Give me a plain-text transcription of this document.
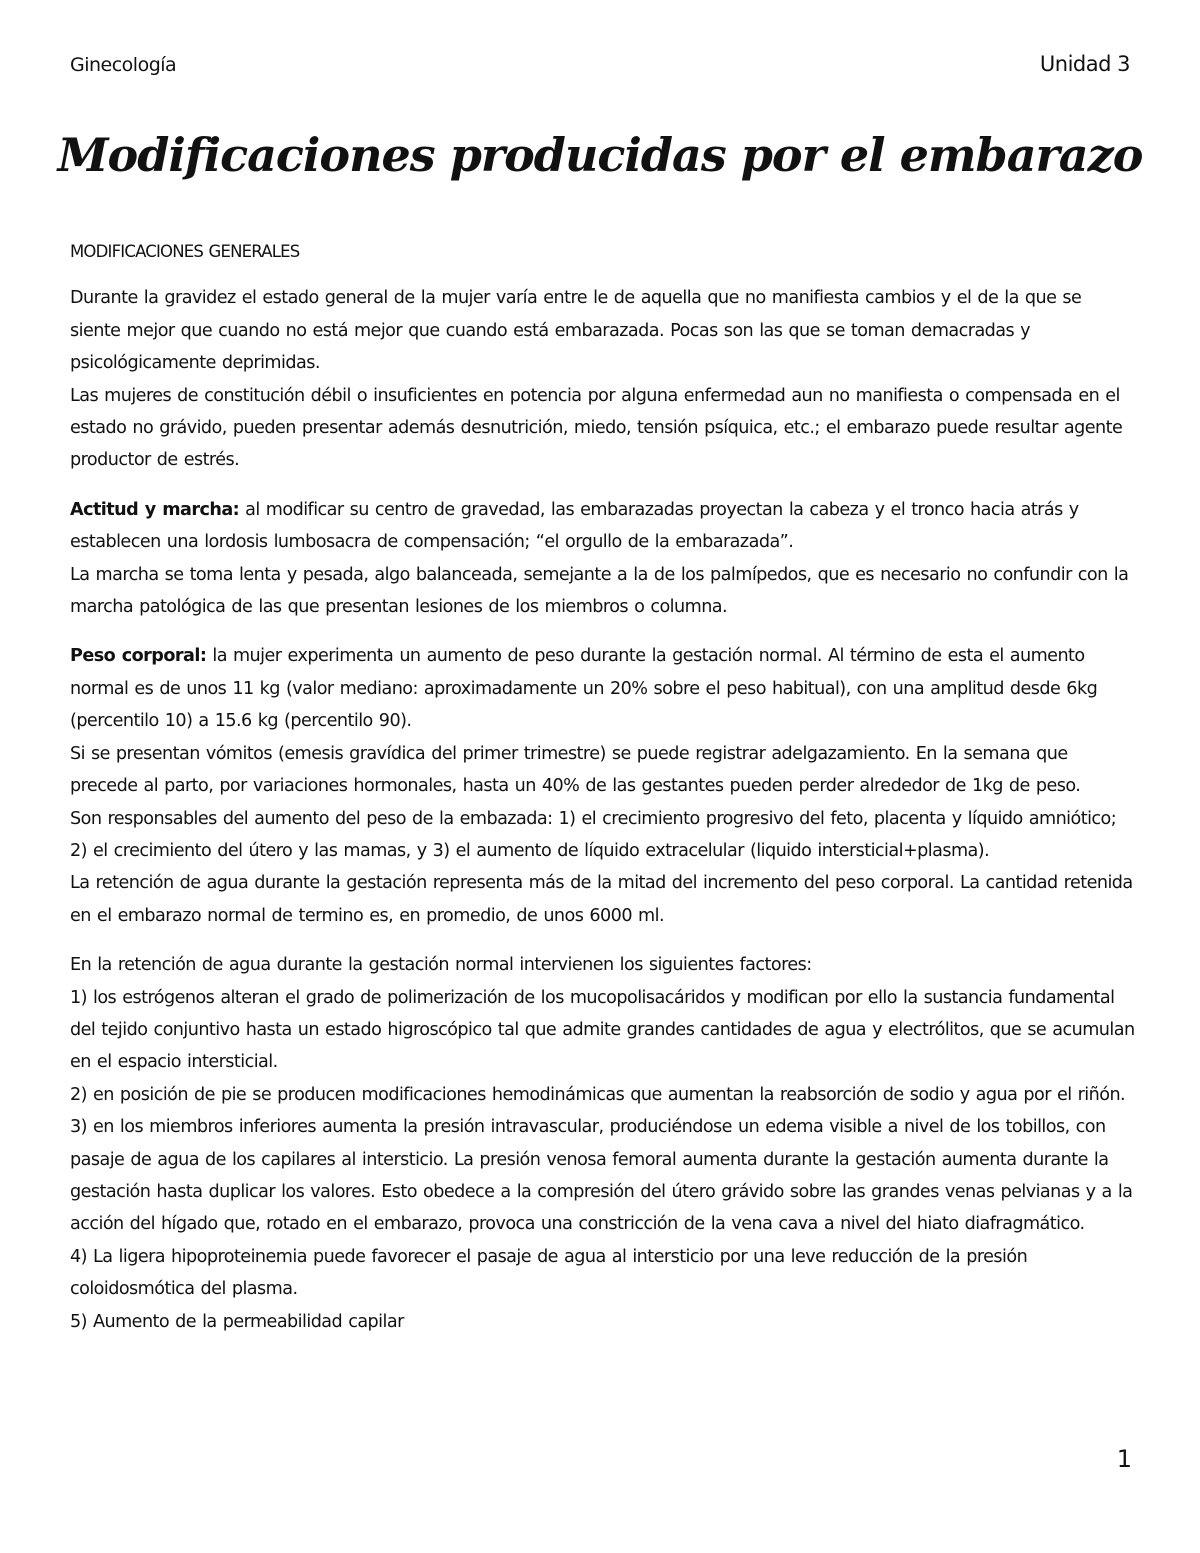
Ginecología	Unidad 3
Modificaciones producidas por el embarazo
MODIFICACIONES GENERALES

Durante la gravidez el estado general de la mujer varía entre le de aquella que no manifiesta cambios y el de la que se siente mejor que cuando no está mejor que cuando está embarazada. Pocas son las que se toman demacradas y psicológicamente deprimidas.

Las mujeres de constitución débil o insuficientes en potencia por alguna enfermedad aun no manifiesta o compensada en el estado no grávido, pueden presentar además desnutrición, miedo, tensión psíquica, etc.; el embarazo puede resultar agente productor de estrés.

Actitud y marcha: al modificar su centro de gravedad, las embarazadas proyectan la cabeza y el tronco hacia atrás y establecen una lordosis lumbosacra de compensación; “el orgullo de la embarazada”.

La marcha se toma lenta y pesada, algo balanceada, semejante a la de los palmípedos, que es necesario no confundir con la marcha patológica de las que presentan lesiones de los miembros o columna.

Peso corporal: la mujer experimenta un aumento de peso durante la gestación normal. Al término de esta el aumento normal es de unos 11 kg (valor mediano: aproximadamente un 20% sobre el peso habitual), con una amplitud desde 6kg (percentilo 10) a 15.6 kg (percentilo 90).

Si se presentan vómitos (emesis gravídica del primer trimestre) se puede registrar adelgazamiento. En la semana que precede al parto, por variaciones hormonales, hasta un 40% de las gestantes pueden perder alrededor de 1kg de peso.

Son responsables del aumento del peso de la embazada: 1) el crecimiento progresivo del feto, placenta y líquido amniótico; 2) el crecimiento del útero y las mamas, y 3) el aumento de líquido extracelular (liquido intersticial+plasma).

La retención de agua durante la gestación representa más de la mitad del incremento del peso corporal. La cantidad retenida en el embarazo normal de termino es, en promedio, de unos 6000 ml.

En la retención de agua durante la gestación normal intervienen los siguientes factores:

1) los estrógenos alteran el grado de polimerización de los mucopolisacáridos y modifican por ello la sustancia fundamental del tejido conjuntivo hasta un estado higroscópico tal que admite grandes cantidades de agua y electrólitos, que se acumulan en el espacio intersticial.

2) en posición de pie se producen modificaciones hemodinámicas que aumentan la reabsorción de sodio y agua por el riñón.

3) en los miembros inferiores aumenta la presión intravascular, produciéndose un edema visible a nivel de los tobillos, con pasaje de agua de los capilares al intersticio. La presión venosa femoral aumenta durante la gestación aumenta durante la gestación hasta duplicar los valores. Esto obedece a la compresión del útero grávido sobre las grandes venas pelvianas y a la acción del hígado que, rotado en el embarazo, provoca una constricción de la vena cava a nivel del hiato diafragmático.

4) La ligera hipoproteinemia puede favorecer el pasaje de agua al intersticio por una leve reducción de la presión coloidosmótica del plasma.

5) Aumento de la permeabilidad capilar

1
